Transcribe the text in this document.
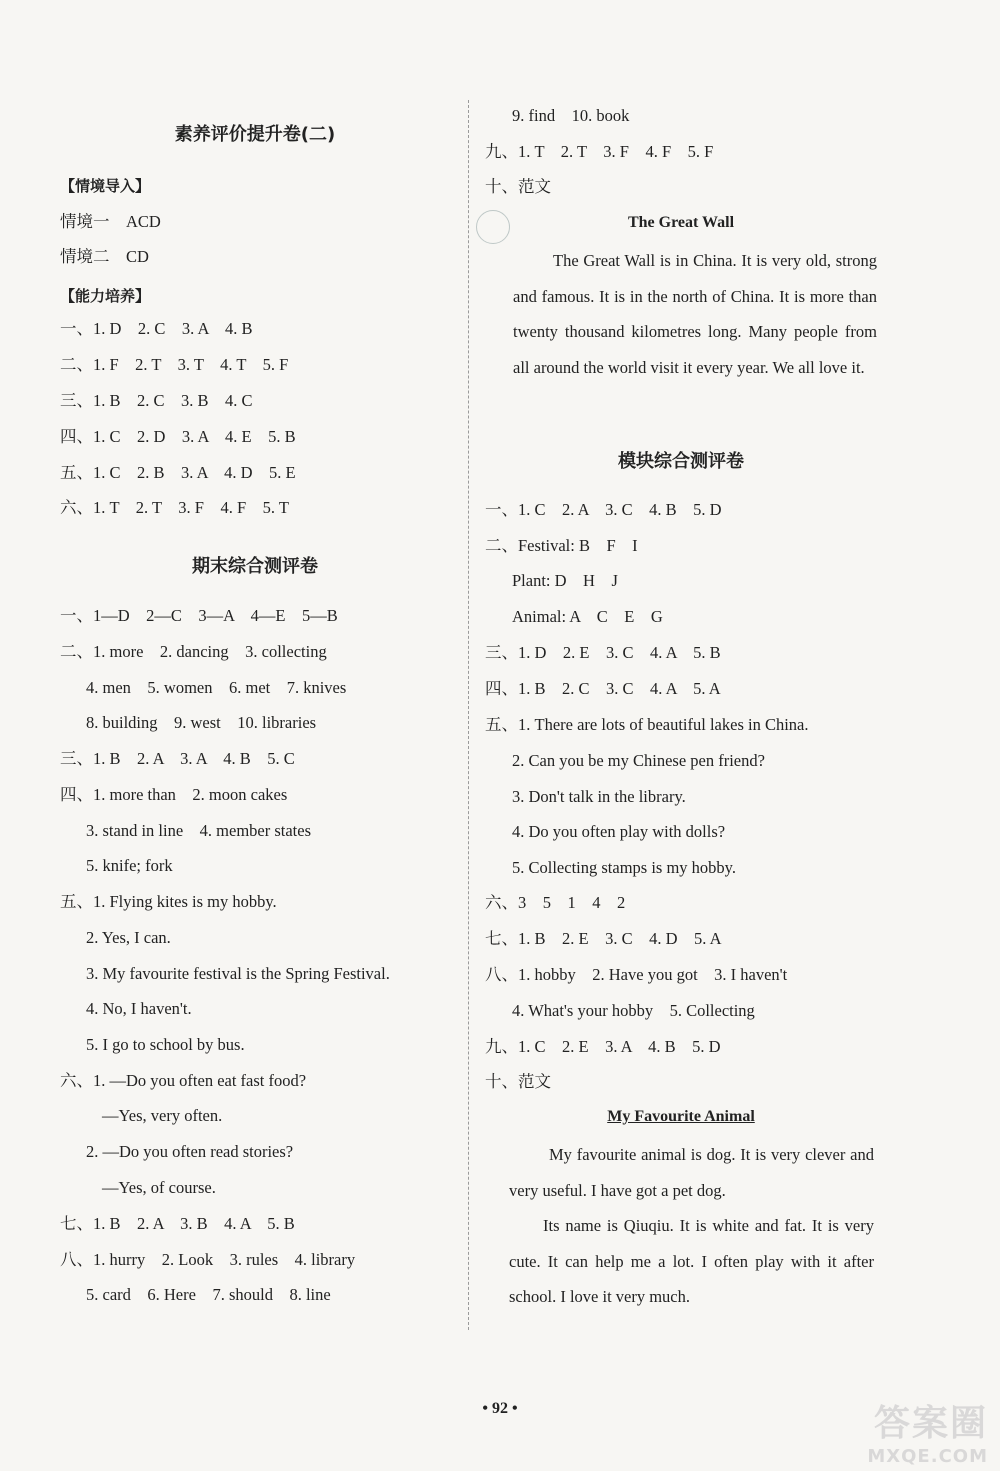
素养评价提升卷(二)
【情境导入】
情境一　ACD
情境二　CD
【能力培养】
一、1. D　2. C　3. A　4. B
二、1. F　2. T　3. T　4. T　5. F
三、1. B　2. C　3. B　4. C
四、1. C　2. D　3. A　4. E　5. B
五、1. C　2. B　3. A　4. D　5. E
六、1. T　2. T　3. F　4. F　5. T
期末综合测评卷
一、1—D　2—C　3—A　4—E　5—B
二、1. more　2. dancing　3. collecting
4. men　5. women　6. met　7. knives
8. building　9. west　10. libraries
三、1. B　2. A　3. A　4. B　5. C
四、1. more than　2. moon cakes
3. stand in line　4. member states
5. knife; fork
五、1. Flying kites is my hobby.
2. Yes, I can.
3. My favourite festival is the Spring Festival.
4. No, I haven't.
5. I go to school by bus.
六、1. —Do you often eat fast food?
—Yes, very often.
2. —Do you often read stories?
—Yes, of course.
七、1. B　2. A　3. B　4. A　5. B
八、1. hurry　2. Look　3. rules　4. library
5. card　6. Here　7. should　8. line
9. find　10. book
九、1. T　2. T　3. F　4. F　5. F
十、范文
The Great Wall
The Great Wall is in China. It is very old, strong and famous. It is in the north of China. It is more than twenty thousand kilometres long. Many people from all around the world visit it every year. We all love it.
模块综合测评卷
一、1. C　2. A　3. C　4. B　5. D
二、Festival: B　F　I
Plant: D　H　J
Animal: A　C　E　G
三、1. D　2. E　3. C　4. A　5. B
四、1. B　2. C　3. C　4. A　5. A
五、1. There are lots of beautiful lakes in China.
2. Can you be my Chinese pen friend?
3. Don't talk in the library.
4. Do you often play with dolls?
5. Collecting stamps is my hobby.
六、3　5　1　4　2
七、1. B　2. E　3. C　4. D　5. A
八、1. hobby　2. Have you got　3. I haven't
4. What's your hobby　5. Collecting
九、1. C　2. E　3. A　4. B　5. D
十、范文
My Favourite Animal
My favourite animal is dog. It is very clever and very useful. I have got a pet dog.
Its name is Qiuqiu. It is white and fat. It is very cute. It can help me a lot. I often play with it after school. I love it very much.
• 92 •	答案圈
MXQE.COM
